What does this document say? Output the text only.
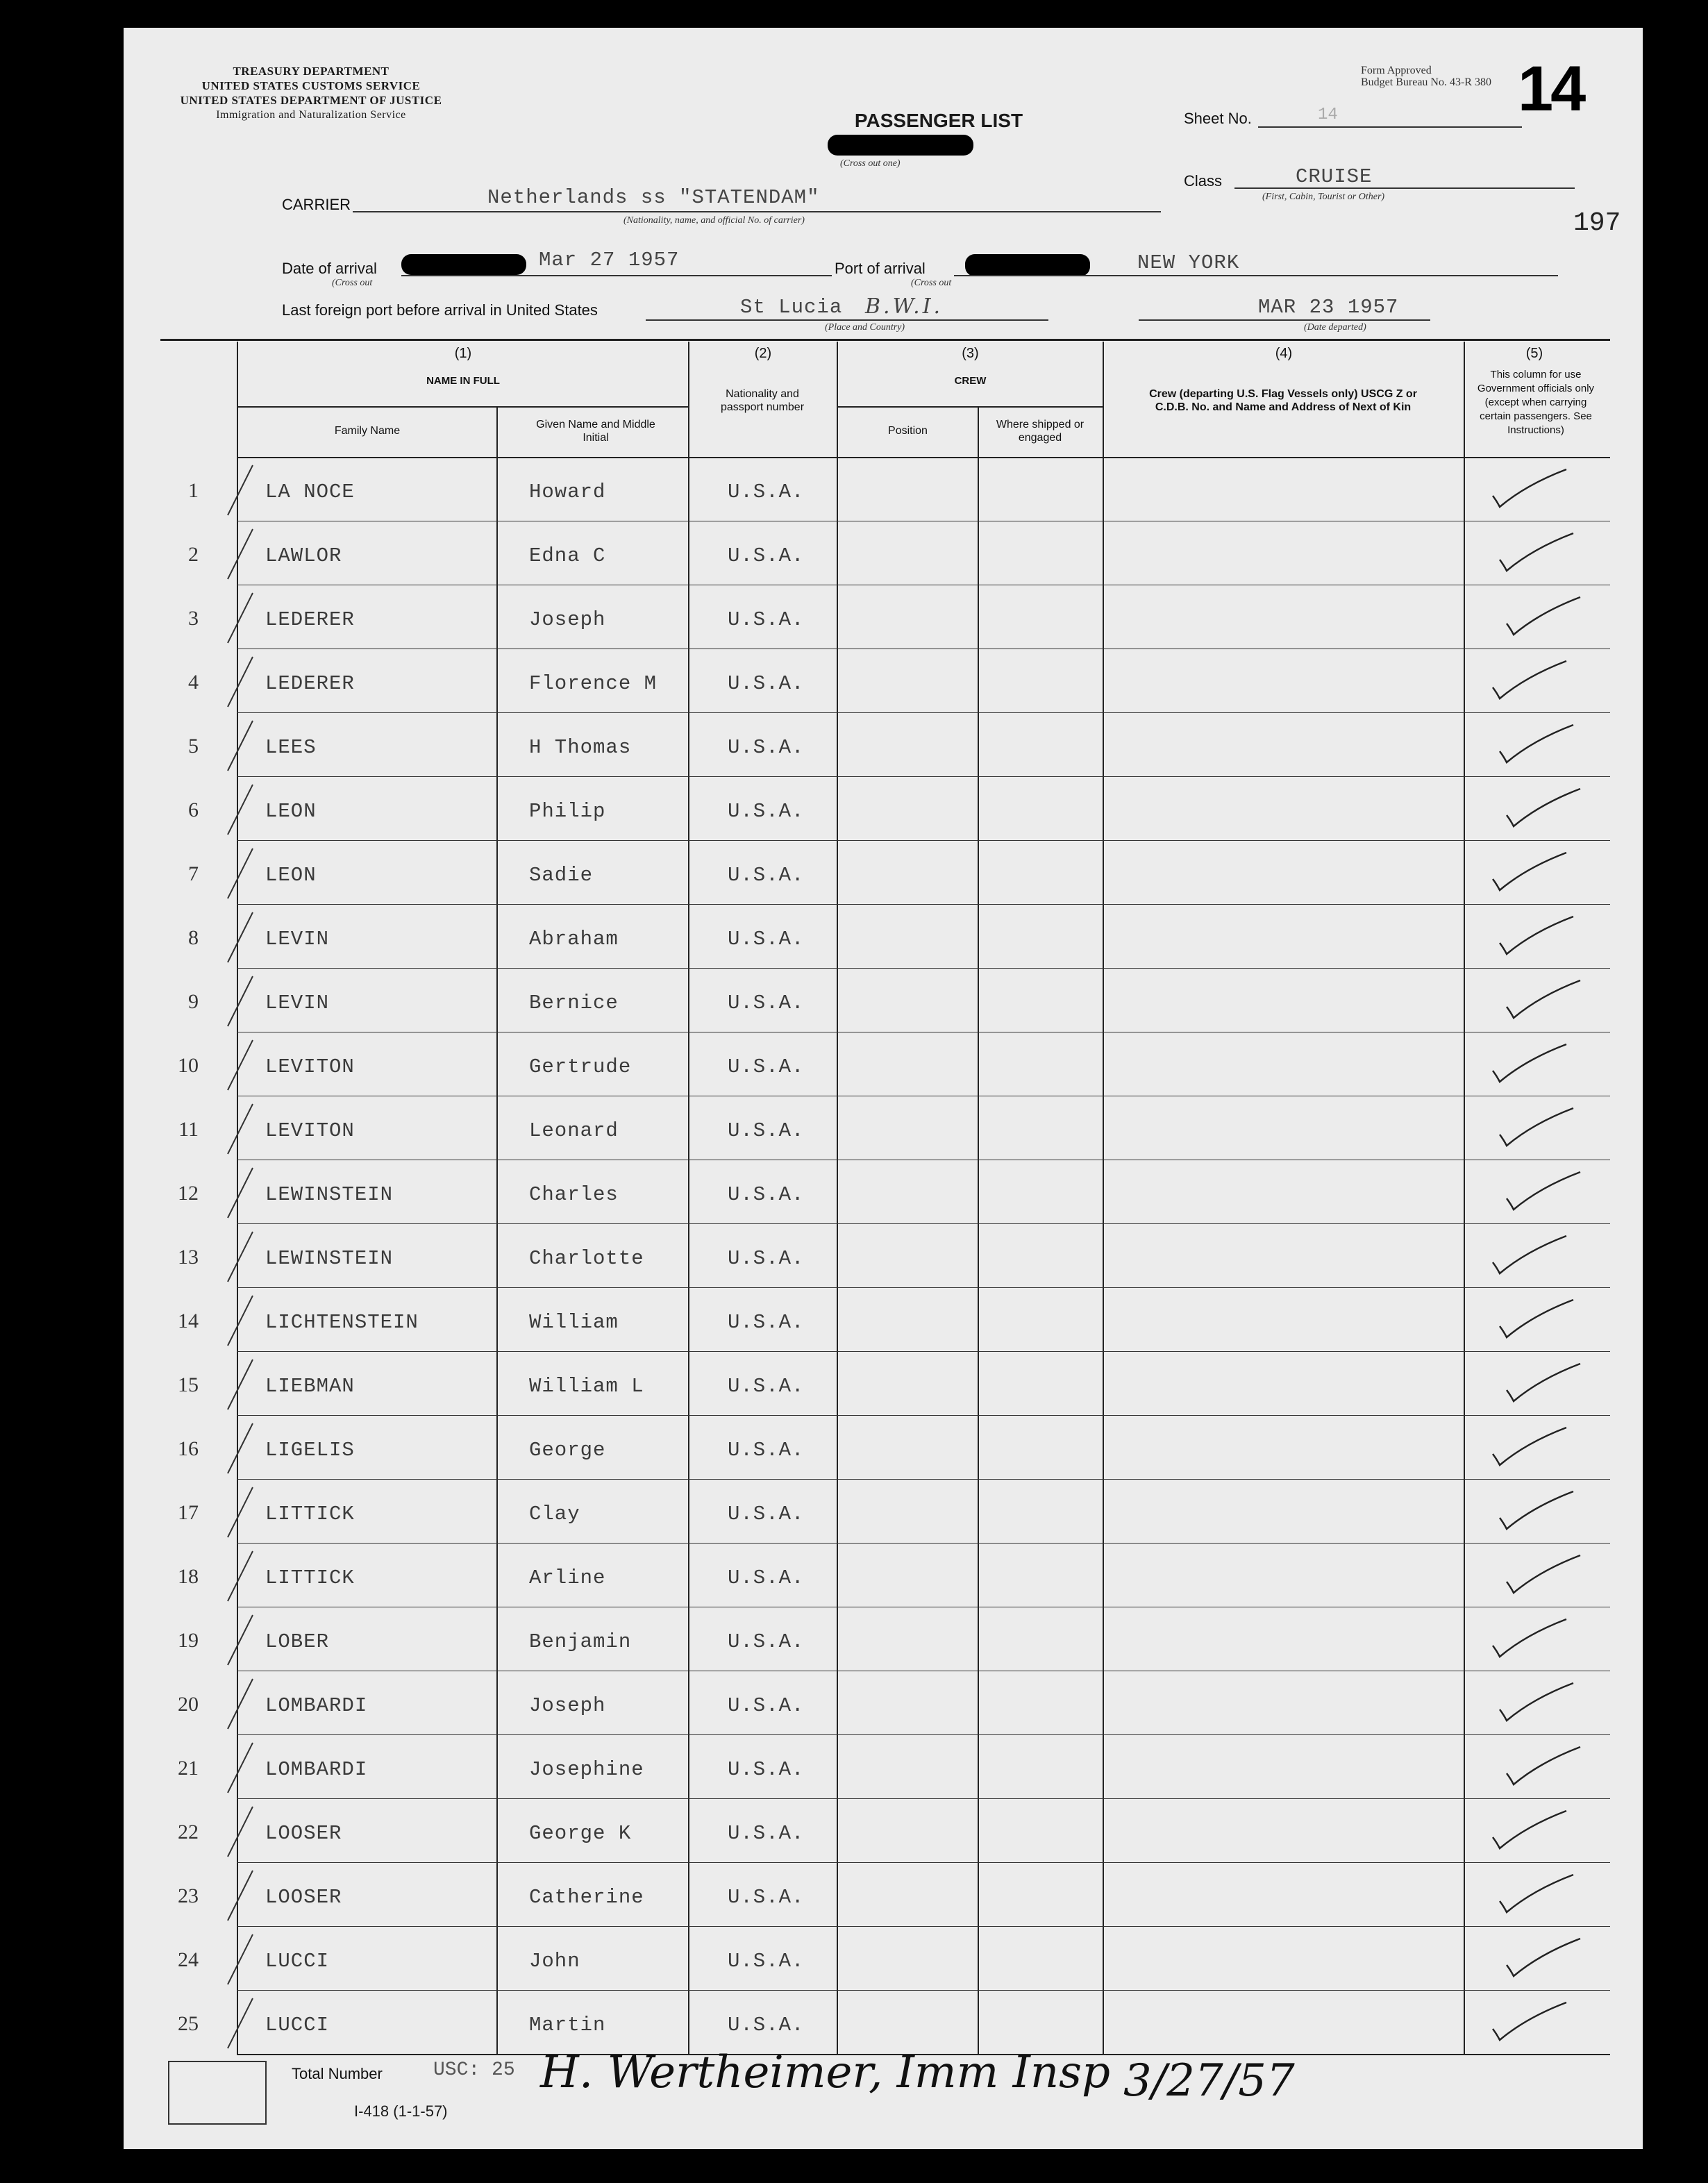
TREASURY DEPARTMENT
UNITED STATES CUSTOMS SERVICE
UNITED STATES DEPARTMENT OF JUSTICE
Immigration and Naturalization Service
Form Approved
Budget Bureau No. 43-R 380 14
PASSENGER LIST
(Cross out one)
Sheet No.	14
Class	CRUISE
(First, Cabin, Tourist or Other)
197
CARRIER	Netherlands ss "STATENDAM"
(Nationality, name, and official No. of carrier)
Date of arrival
(Cross out
Mar 27 1957	Port of arrival
(Cross out
NEW YORK
Last foreign port before arrival in United States	St Lucia B.W.I.
(Place and Country)
MAR 23 1957
(Date departed)
(1)
NAME IN FULL
Family Name
Given Name and Middle Initial
(2)
Nationality and passport number
(3)
CREW
Position
Where shipped or engaged
(4)
Crew (departing U.S. Flag Vessels only) USCG Z or C.D.B. No. and Name and Address of Next of Kin
(5)
This column for use Government officials only (except when carrying certain passengers. See Instructions)
1	LA NOCE	Howard	U.S.A.
2	LAWLOR	Edna C	U.S.A.
3	LEDERER	Joseph	U.S.A.
4	LEDERER	Florence M	U.S.A.
5	LEES	H Thomas	U.S.A.
6	LEON	Philip	U.S.A.
7	LEON	Sadie	U.S.A.
8	LEVIN	Abraham	U.S.A.
9	LEVIN	Bernice	U.S.A.
10	LEVITON	Gertrude	U.S.A.
11	LEVITON	Leonard	U.S.A.
12	LEWINSTEIN	Charles	U.S.A.
13	LEWINSTEIN	Charlotte	U.S.A.
14	LICHTENSTEIN	William	U.S.A.
15	LIEBMAN	William L	U.S.A.
16	LIGELIS	George	U.S.A.
17	LITTICK	Clay	U.S.A.
18	LITTICK	Arline	U.S.A.
19	LOBER	Benjamin	U.S.A.
20	LOMBARDI	Joseph	U.S.A.
21	LOMBARDI	Josephine	U.S.A.
22	LOOSER	George K	U.S.A.
23	LOOSER	Catherine	U.S.A.
24	LUCCI	John	U.S.A.
25	LUCCI	Martin	U.S.A.
Total Number	USC: 25
I-418 (1-1-57)
H. Wertheimer, Imm Insp 3/27/57
